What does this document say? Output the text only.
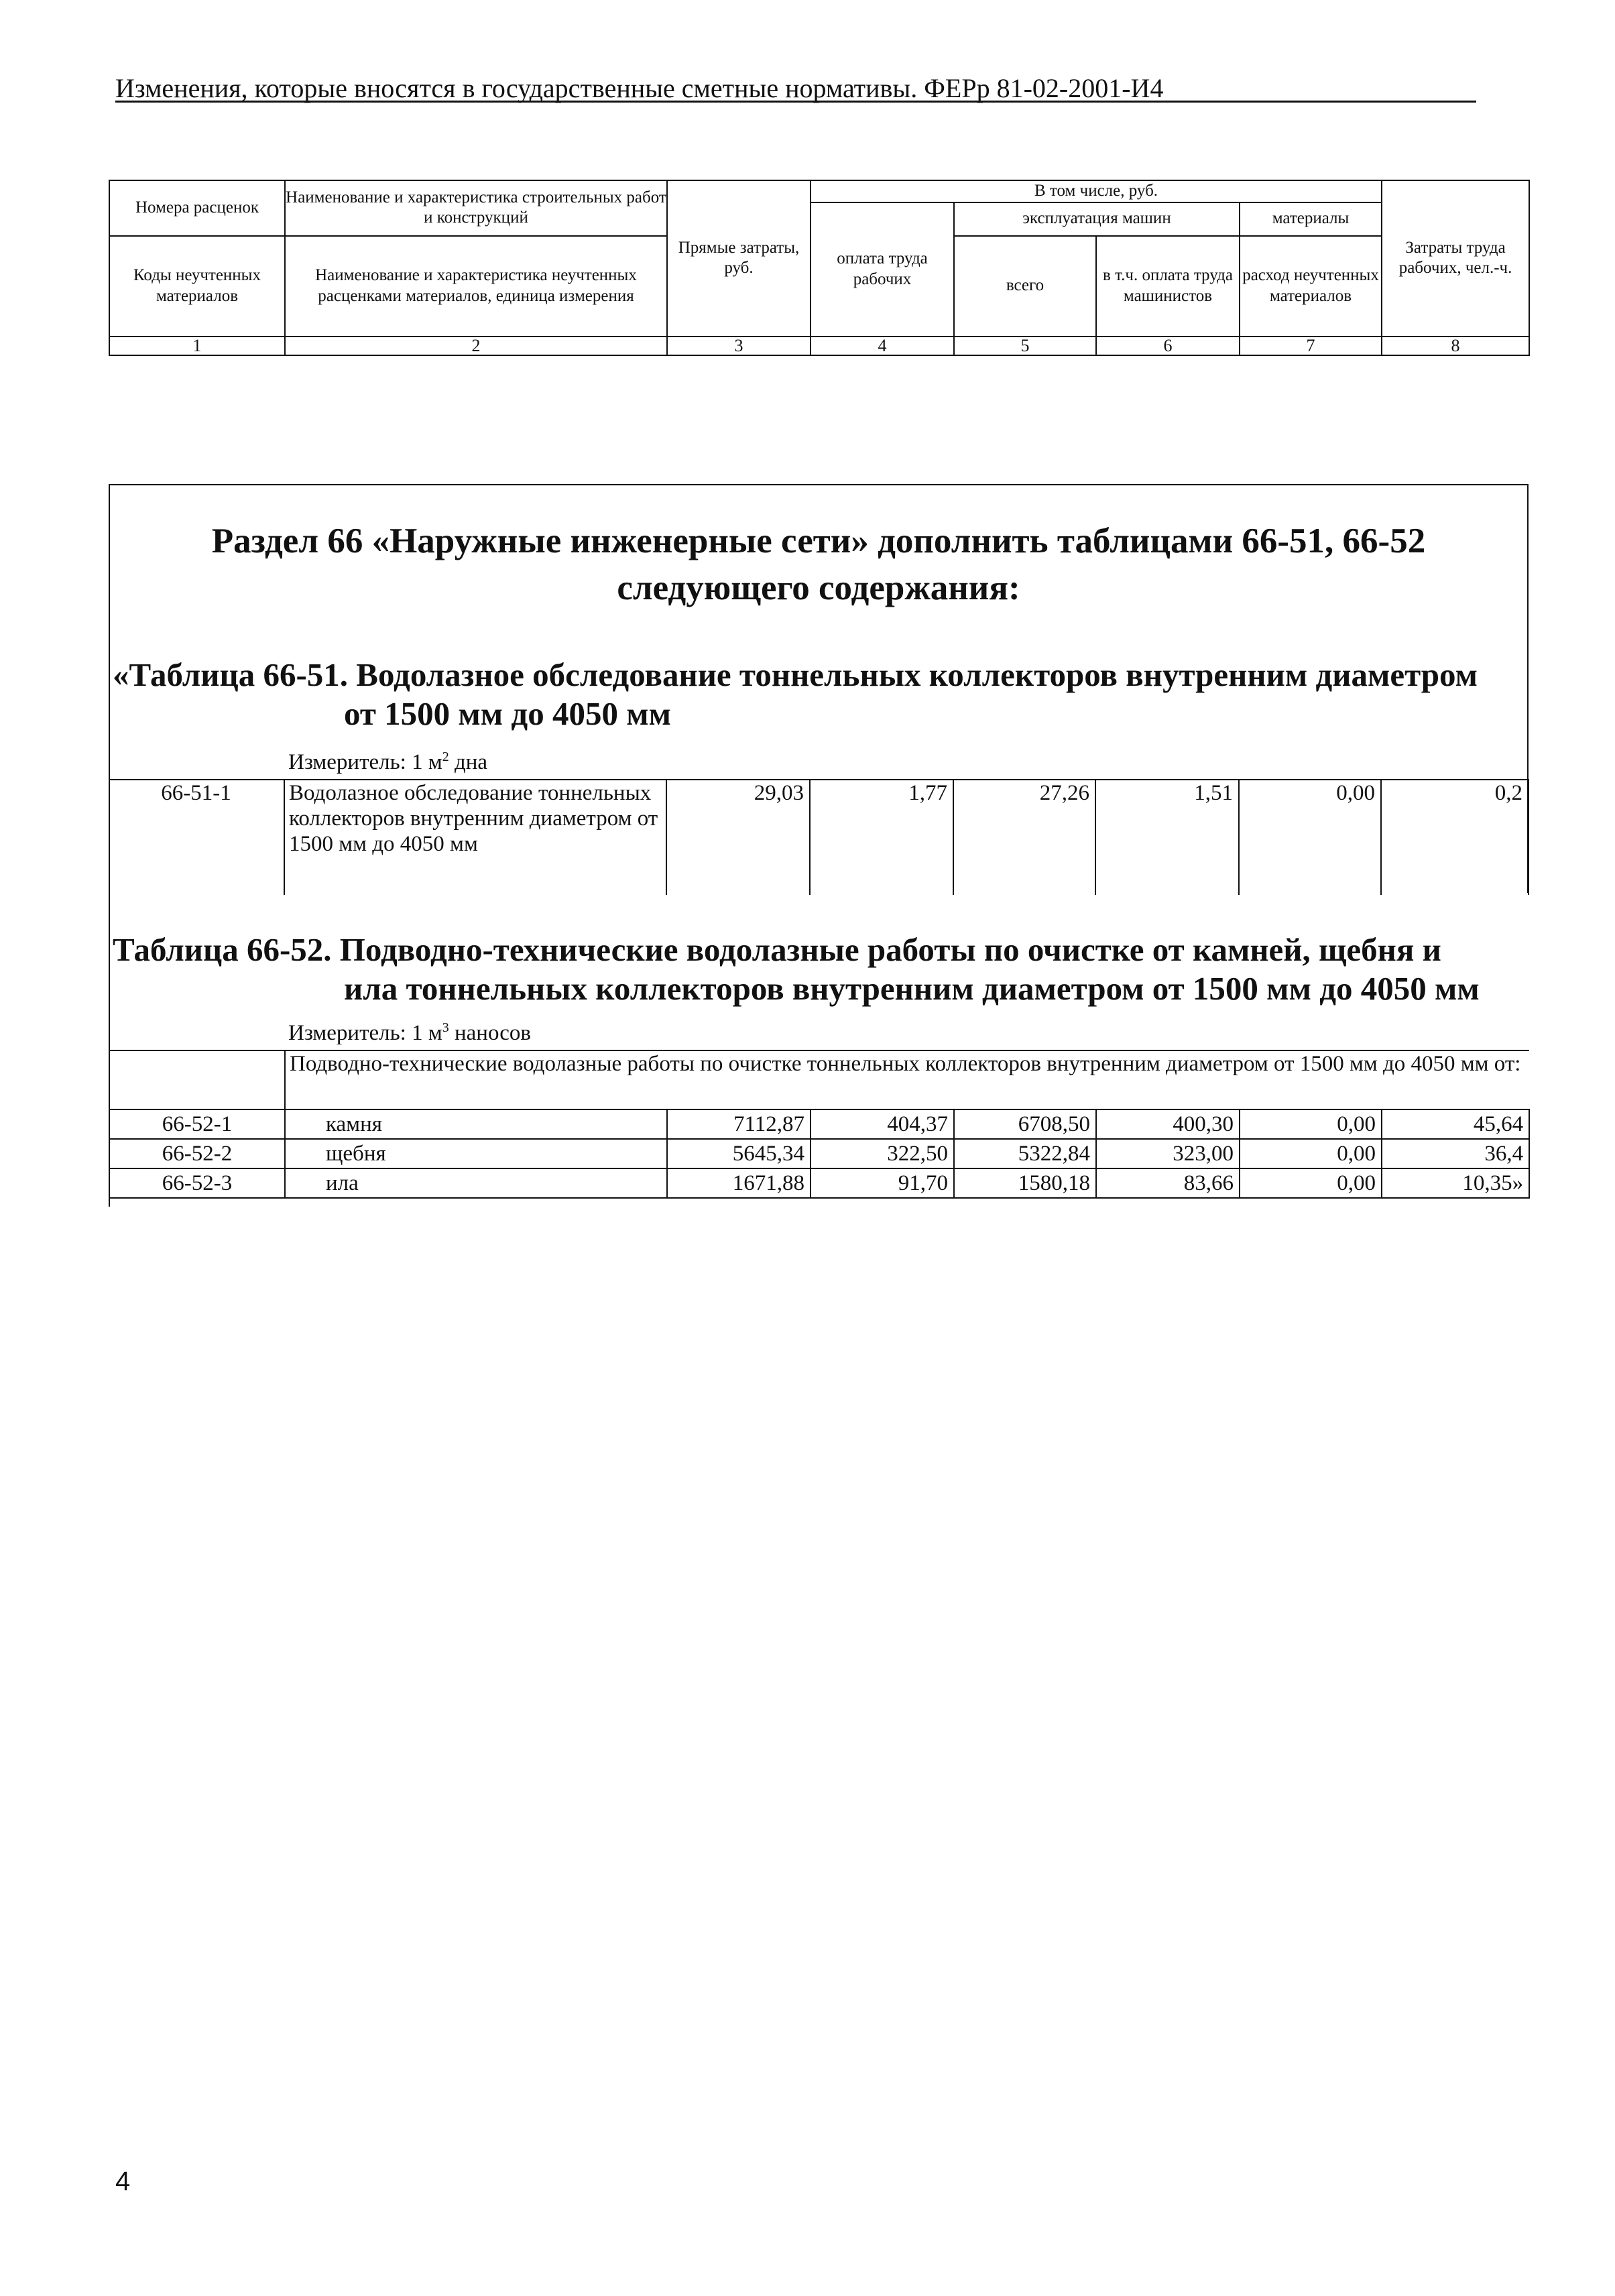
Изменения, которые вносятся в государственные сметные нормативы. ФЕРр 81-02-2001-И4
Номера расценок	Наименование и характеристика строительных работ и конструкций	Прямые затраты, руб.	В том числе, руб.				Затраты труда рабочих, чел.-ч.
			оплата труда рабочих	эксплуатация машин		материалы	
Коды неучтенных материалов	Наименование и характеристика неучтенных расценками материалов, единица измерения			всего	в т.ч. оплата труда машинистов	расход неучтенных материалов	

1	2	3	4	5	6	7	8
Раздел 66 «Наружные инженерные сети» дополнить таблицами 66-51, 66-52
следующего содержания:
«Таблица 66-51. Водолазное обследование тоннельных коллекторов внутренним диаметром
от 1500 мм до 4050 мм
Измеритель: 1 $м^2$ дна
66-51-1	Водолазное обследование тоннельных коллекторов внутренним диаметром от 1500 мм до 4050 мм	29,03	1,77	27,26	1,51	0,00	0,2
Таблица 66-52. Подводно-технические водолазные работы по очистке от камней, щебня и
ила тоннельных коллекторов внутренним диаметром от 1500 мм до 4050 мм
Измеритель: 1 $м^3$ наносов
	Подводно-технические водолазные работы по очистке тоннельных коллекторов внутренним диаметром от 1500 мм до 4050 мм от:						
66-52-1	камня	7112,87	404,37	6708,50	400,30	0,00	45,64
66-52-2	щебня	5645,34	322,50	5322,84	323,00	0,00	36,4
66-52-3	ила	1671,88	91,70	1580,18	83,66	0,00	10,35»
4
